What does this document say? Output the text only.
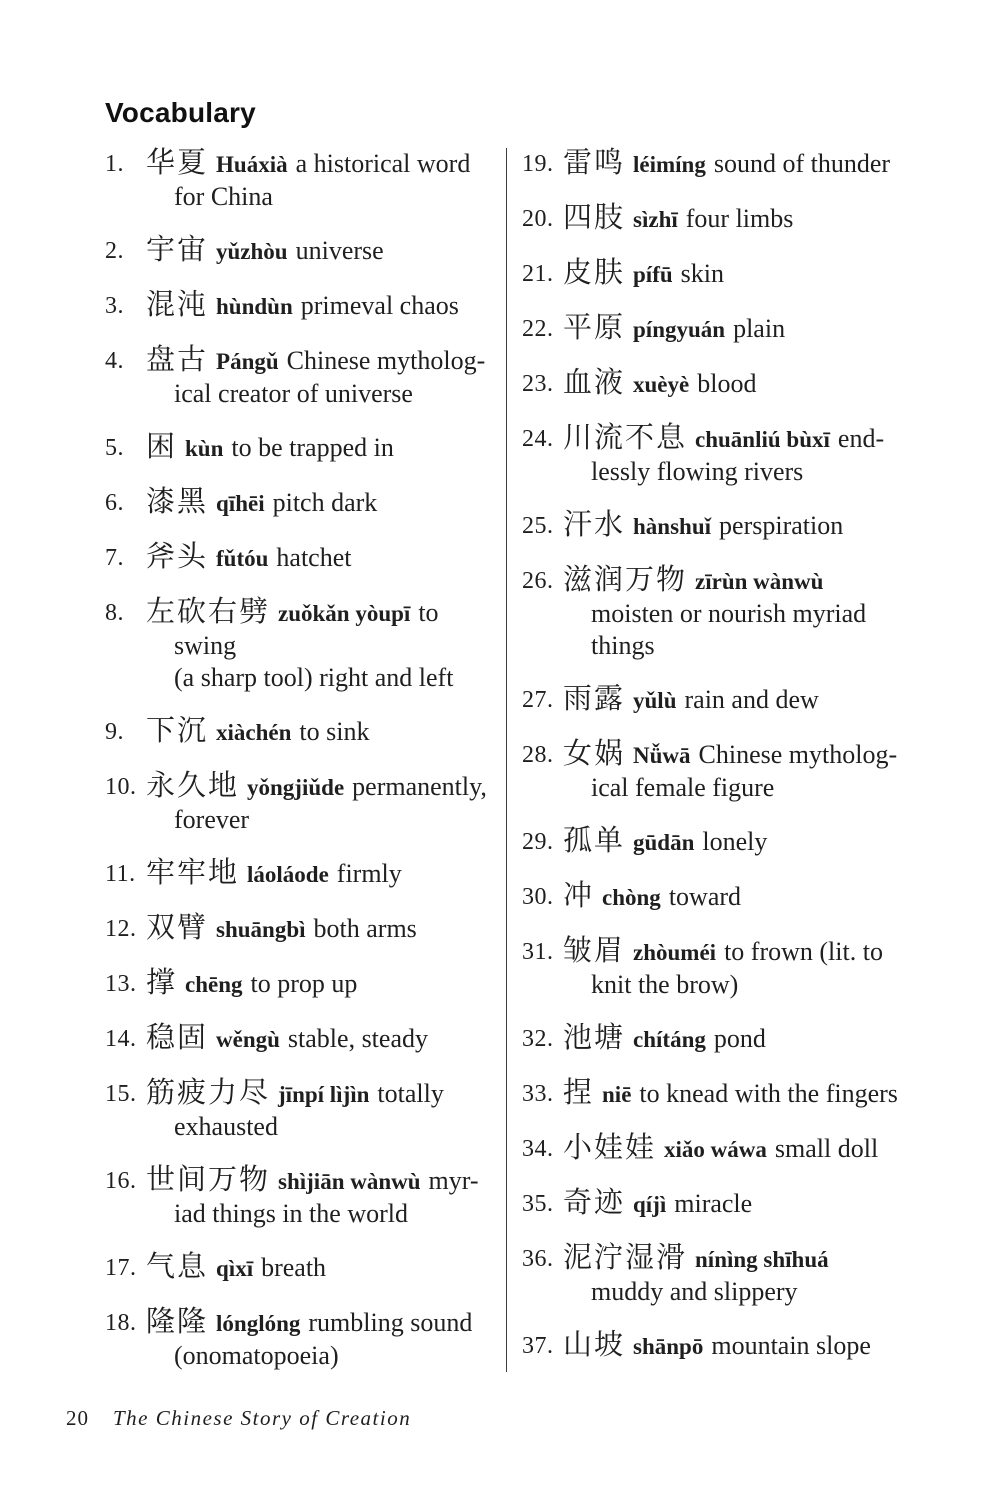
Vocabulary
1. 华夏 Huáxià a historical word
for China
2. 宇宙 yǔzhòu universe
3. 混沌 hùndùn primeval chaos
4. 盘古 Pángǔ Chinese mytholog-
ical creator of universe
5. 困 kùn to be trapped in
6. 漆黑 qīhēi pitch dark
7. 斧头 fǔtóu hatchet
8. 左砍右劈 zuǒkǎn yòupī to swing
(a sharp tool) right and left
9. 下沉 xiàchén to sink
10. 永久地 yǒngjiǔde permanently,
forever
11. 牢牢地 láoláode firmly
12. 双臂 shuāngbì both arms
13. 撑 chēng to prop up
14. 稳固 wěngù stable, steady
15. 筋疲力尽 jīnpí lìjìn totally
exhausted
16. 世间万物 shìjiān wànwù myr-
iad things in the world
17. 气息 qìxī breath
18. 隆隆 lónglóng rumbling sound
(onomatopoeia)
19. 雷鸣 léimíng sound of thunder
20. 四肢 sìzhī four limbs
21. 皮肤 pífū skin
22. 平原 píngyuán plain
23. 血液 xuèyè blood
24. 川流不息 chuānliú bùxī end-
lessly flowing rivers
25. 汗水 hànshuǐ perspiration
26. 滋润万物 zīrùn wànwù
moisten or nourish myriad
things
27. 雨露 yǔlù rain and dew
28. 女娲 Nǚwā Chinese mytholog-
ical female figure
29. 孤单 gūdān lonely
30. 冲 chòng toward
31. 皱眉 zhòuméi to frown (lit. to
knit the brow)
32. 池塘 chítáng pond
33. 捏 niē to knead with the fingers
34. 小娃娃 xiǎo wáwa small doll
35. 奇迹 qíjì miracle
36. 泥泞湿滑 nínìng shīhuá
muddy and slippery
37. 山坡 shānpō mountain slope
20 The Chinese Story of Creation
